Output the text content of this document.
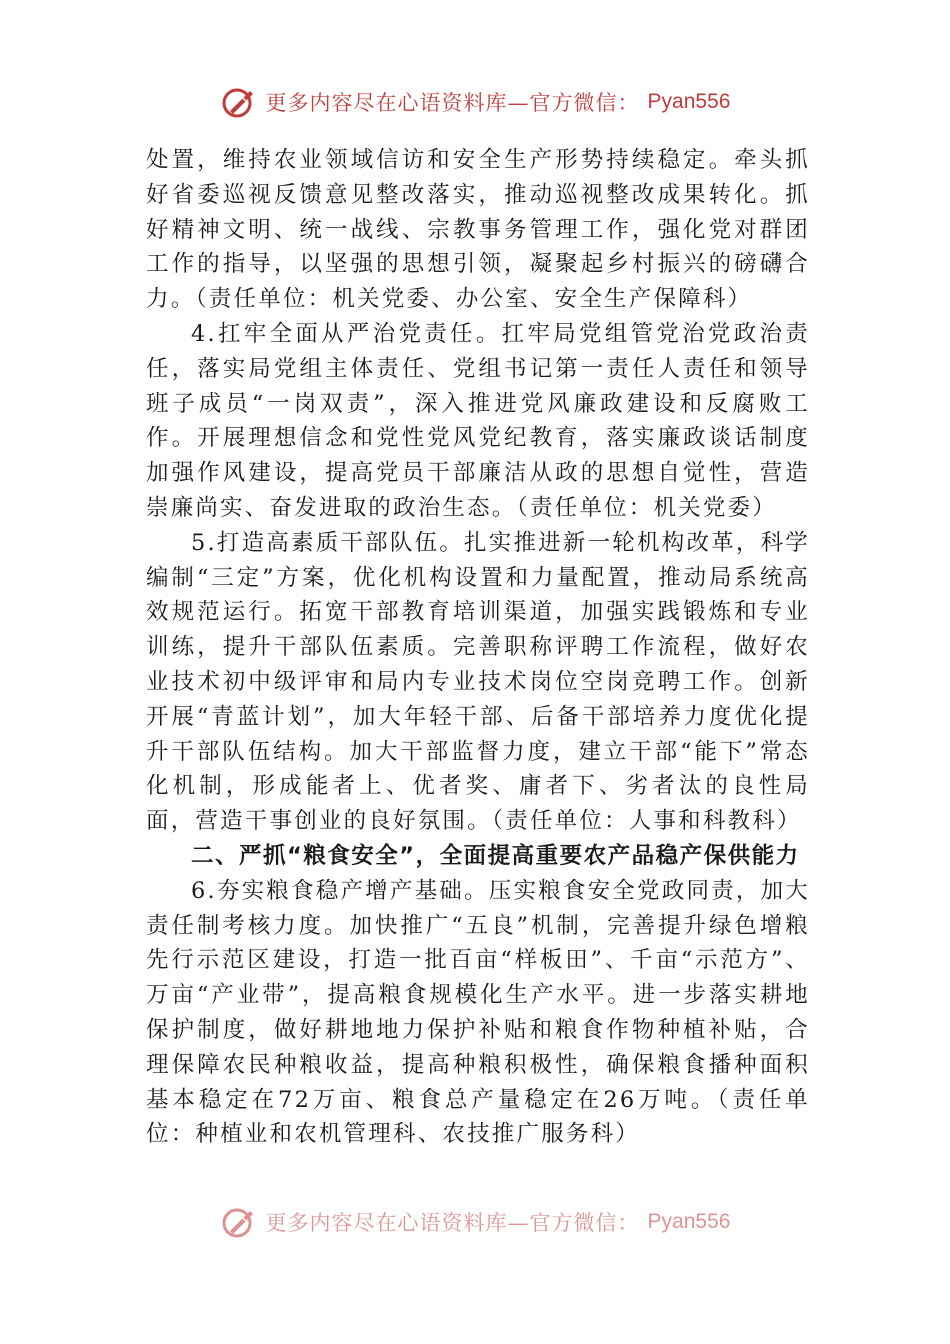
更多内容尽在心语资料库—官方微信： Pyan556

处置，维持农业领域信访和安全生产形势持续稳定。牵头抓好省委巡视反馈意见整改落实，推动巡视整改成果转化。抓好精神文明、统一战线、宗教事务管理工作，强化党对群团工作的指导，以坚强的思想引领，凝聚起乡村振兴的磅礴合力。（责任单位：机关党委、办公室、安全生产保障科）

4.扛牢全面从严治党责任。扛牢局党组管党治党政治责任，落实局党组主体责任、党组书记第一责任人责任和领导班子成员“一岗双责”，深入推进党风廉政建设和反腐败工作。开展理想信念和党性党风党纪教育，落实廉政谈话制度加强作风建设，提高党员干部廉洁从政的思想自觉性，营造崇廉尚实、奋发进取的政治生态。（责任单位：机关党委）

5.打造高素质干部队伍。扎实推进新一轮机构改革，科学编制“三定”方案，优化机构设置和力量配置，推动局系统高效规范运行。拓宽干部教育培训渠道，加强实践锻炼和专业训练，提升干部队伍素质。完善职称评聘工作流程，做好农业技术初中级评审和局内专业技术岗位空岗竞聘工作。创新开展“青蓝计划”，加大年轻干部、后备干部培养力度优化提升干部队伍结构。加大干部监督力度，建立干部“能下”常态化机制，形成能者上、优者奖、庸者下、劣者汰的良性局面，营造干事创业的良好氛围。（责任单位：人事和科教科）

二、严抓“粮食安全”，全面提高重要农产品稳产保供能力

6.夯实粮食稳产增产基础。压实粮食安全党政同责，加大责任制考核力度。加快推广“五良”机制，完善提升绿色增粮先行示范区建设，打造一批百亩“样板田”、千亩“示范方”、万亩“产业带”，提高粮食规模化生产水平。进一步落实耕地保护制度，做好耕地地力保护补贴和粮食作物种植补贴，合理保障农民种粮收益，提高种粮积极性，确保粮食播种面积基本稳定在72万亩、粮食总产量稳定在26万吨。（责任单位：种植业和农机管理科、农技推广服务科）

更多内容尽在心语资料库—官方微信： Pyan556
